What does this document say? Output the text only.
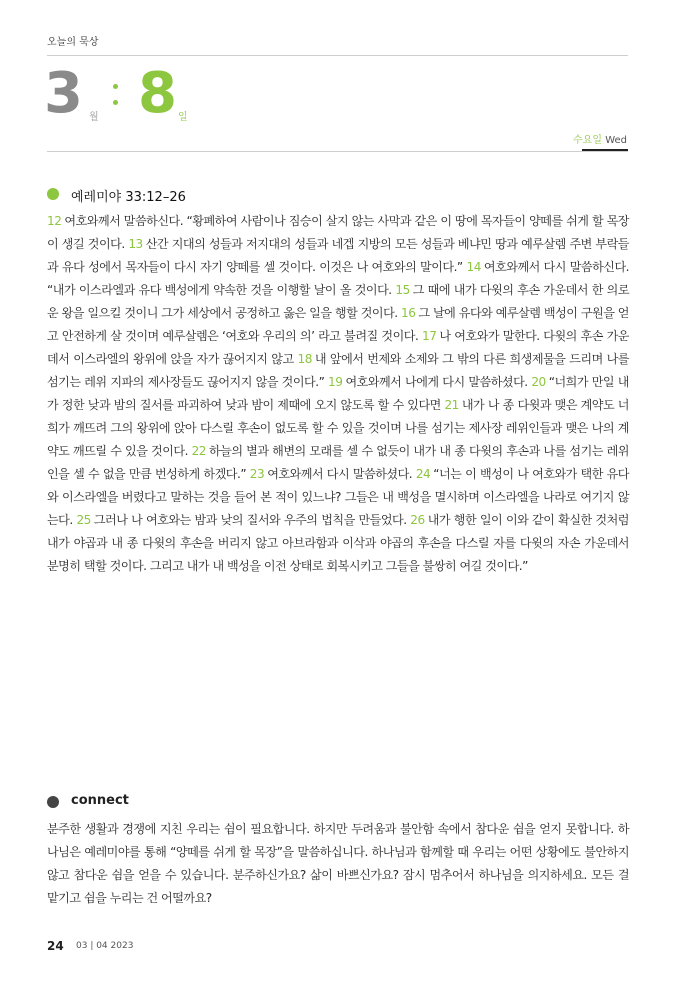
오늘의 묵상
3 월 8 일
수요일 Wed
예레미야 33:12–26

12 여호와께서 말씀하신다. “황폐하여 사람이나 짐승이 살지 않는 사막과 같은 이 땅에 목자들이 양떼를 쉬게 할 목장이 생길 것이다. 13 산간 지대의 성들과 저지대의 성들과 네겝 지방의 모든 성들과 베냐민 땅과 예루살렘 주변 부락들과 유다 성에서 목자들이 다시 자기 양떼를 셀 것이다. 이것은 나 여호와의 말이다.” 14 여호와께서 다시 말씀하신다. “내가 이스라엘과 유다 백성에게 약속한 것을 이행할 날이 올 것이다. 15 그 때에 내가 다윗의 후손 가운데서 한 의로운 왕을 일으킬 것이니 그가 세상에서 공정하고 옳은 일을 행할 것이다. 16 그 날에 유다와 예루살렘 백성이 구원을 얻고 안전하게 살 것이며 예루살렘은 ‘여호와 우리의 의’ 라고 불려질 것이다. 17 나 여호와가 말한다. 다윗의 후손 가운데서 이스라엘의 왕위에 앉을 자가 끊어지지 않고 18 내 앞에서 번제와 소제와 그 밖의 다른 희생제물을 드리며 나를 섬기는 레위 지파의 제사장들도 끊어지지 않을 것이다.” 19 여호와께서 나에게 다시 말씀하셨다. 20 “너희가 만일 내가 정한 낮과 밤의 질서를 파괴하여 낮과 밤이 제때에 오지 않도록 할 수 있다면 21 내가 나 종 다윗과 맺은 계약도 너희가 깨뜨려 그의 왕위에 앉아 다스릴 후손이 없도록 할 수 있을 것이며 나를 섬기는 제사장 레위인들과 맺은 나의 계약도 깨뜨릴 수 있을 것이다. 22 하늘의 별과 해변의 모래를 셀 수 없듯이 내가 내 종 다윗의 후손과 나를 섬기는 레위인을 셀 수 없을 만큼 번성하게 하겠다.” 23 여호와께서 다시 말씀하셨다. 24 “너는 이 백성이 나 여호와가 택한 유다와 이스라엘을 버렸다고 말하는 것을 들어 본 적이 있느냐? 그들은 내 백성을 멸시하며 이스라엘을 나라로 여기지 않는다. 25 그러나 나 여호와는 밤과 낮의 질서와 우주의 법칙을 만들었다. 26 내가 행한 일이 이와 같이 확실한 것처럼 내가 야곱과 내 종 다윗의 후손을 버리지 않고 아브라함과 이삭과 야곱의 후손을 다스릴 자를 다윗의 자손 가운데서 분명히 택할 것이다. 그리고 내가 내 백성을 이전 상태로 회복시키고 그들을 불쌍히 여길 것이다.”

connect

분주한 생활과 경쟁에 지친 우리는 쉼이 필요합니다. 하지만 두려움과 불안함 속에서 참다운 쉼을 얻지 못합니다. 하나님은 예레미야를 통해 “양떼를 쉬게 할 목장”을 말씀하십니다. 하나님과 함께할 때 우리는 어떤 상황에도 불안하지 않고 참다운 쉼을 얻을 수 있습니다. 분주하신가요? 삶이 바쁘신가요? 잠시 멈추어서 하나님을 의지하세요. 모든 걸 맡기고 쉼을 누리는 건 어떨까요?

24 03 | 04 2023
